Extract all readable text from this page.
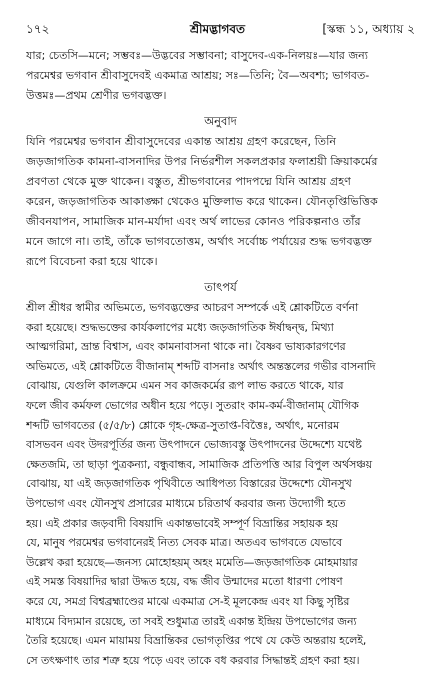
১৭২	শ্রীমদ্ভাগবত	[স্কন্ধ ১১, অধ্যায় ২
যার; চেতসি—মনে; সম্ভবঃ—উদ্ভবের সম্ভাবনা; বাসুদেব-এক-নিলয়ঃ—যার জন্য
পরমেশ্বর ভগবান শ্রীবাসুদেবই একমাত্র আশ্রয়; সঃ—তিনি; বৈ—অবশ্য; ভাগবত-
উত্তমঃ—প্রথম শ্রেণীর ভগবদ্ভক্ত।
অনুবাদ
যিনি পরমেশ্বর ভগবান শ্রীবাসুদেবের একান্ত আশ্রয় গ্রহণ করেছেন, তিনি
জড়জাগতিক কামনা-বাসনাদির উপর নির্ভরশীল সকলপ্রকার ফলাশ্রয়ী ক্রিয়াকর্মের
প্রবণতা থেকে মুক্ত থাকেন। বস্তুত, শ্রীভগবানের পাদপদ্মে যিনি আশ্রয় গ্রহণ
করেন, জড়জাগতিক আকাঙ্ক্ষা থেকেও মুক্তিলাভ করে থাকেন। যৌনতৃপ্তিভিত্তিক
জীবনযাপন, সামাজিক মান-মর্যাদা এবং অর্থ লাভের কোনও পরিকল্পনাও তাঁর
মনে জাগে না। তাই, তাঁকে ভাগবতোত্তম, অর্থাৎ সর্বোচ্চ পর্যায়ের শুদ্ধ ভগবদ্ভক্ত
রূপে বিবেচনা করা হয়ে থাকে।
তাৎপর্য
শ্রীল শ্রীধর স্বামীর অভিমতে, ভগবদ্ভক্তের আচরণ সম্পর্কে এই শ্লোকটিতে বর্ণনা
করা হয়েছে। শুদ্ধভক্তের কার্যকলাপের মধ্যে জড়জাগতিক ঈর্ষাদ্বন্দ্ব, মিথ্যা
আত্মগরিমা, ভ্রান্ত বিশ্বাস, এবং কামনাবাসনা থাকে না। বৈষ্ণব ভাষ্যকারগণের
অভিমতে, এই শ্লোকটিতে বীজানাম্ শব্দটি বাসনাঃ অর্থাৎ অন্তস্তলের গভীর বাসনাদি
বোঝায়, যেগুলি কালক্রমে এমন সব কাজকর্মের রূপ লাভ করতে থাকে, যার
ফলে জীব কর্মফল ভোগের অধীন হয়ে পড়ে। সুতরাং কাম-কর্ম-বীজানাম্ যৌগিক
শব্দটি ভাগবতের (৫/৫/৮) শ্লোকে গৃহ-ক্ষেত্র-সুতাপ্ত-বিত্তৈঃ, অর্থাৎ, মনোরম
বাসভবন এবং উদরপূর্তির জন্য উৎপাদনে ভোজ্যবস্তু উৎপাদনের উদ্দেশ্যে যথেষ্ট
ক্ষেতজমি, তা ছাড়া পুত্রকন্যা, বন্ধুবান্ধব, সামাজিক প্রতিপত্তি আর বিপুল অর্থসঞ্চয়
বোঝায়, যা এই জড়জাগতিক পৃথিবীতে আধিপত্য বিস্তারের উদ্দেশ্যে যৌনসুখ
উপভোগ এবং যৌনসুখ প্রসারের মাধ্যমে চরিতার্থ করবার জন্য উদ্যোগী হতে
হয়। এই প্রকার জড়বাদী বিষয়াদি একান্তভাবেই সম্পূর্ণ বিভ্রান্তির সহায়ক হয়
যে, মানুষ পরমেশ্বর ভগবানেরই নিত্য সেবক মাত্র। অতএব ভাগবতে যেভাবে
উল্লেখ করা হয়েছে—জনস্য মোহোহয়ম্ অহং মমেতি—জড়জাগতিক মোহমায়ার
এই সমস্ত বিষয়াদির দ্বারা উদ্ধত হয়ে, বদ্ধ জীব উন্মাদের মতো ধারণা পোষণ
করে যে, সমগ্র বিশ্বব্রহ্মাণ্ডের মাঝে একমাত্র সে-ই মূলকেন্দ্র এবং যা কিছু সৃষ্টির
মাধ্যমে বিদ্যমান রয়েছে, তা সবই শুধুমাত্র তারই একান্ত ইন্দ্রিয় উপভোগের জন্য
তৈরি হয়েছে। এমন মায়াময় বিভ্রান্তিকর ভোগতৃপ্তির পথে যে কেউ অন্তরায় হলেই,
সে তৎক্ষণাৎ তার শত্রু হয়ে পড়ে এবং তাকে বধ করবার সিদ্ধান্তই গ্রহণ করা হয়।
